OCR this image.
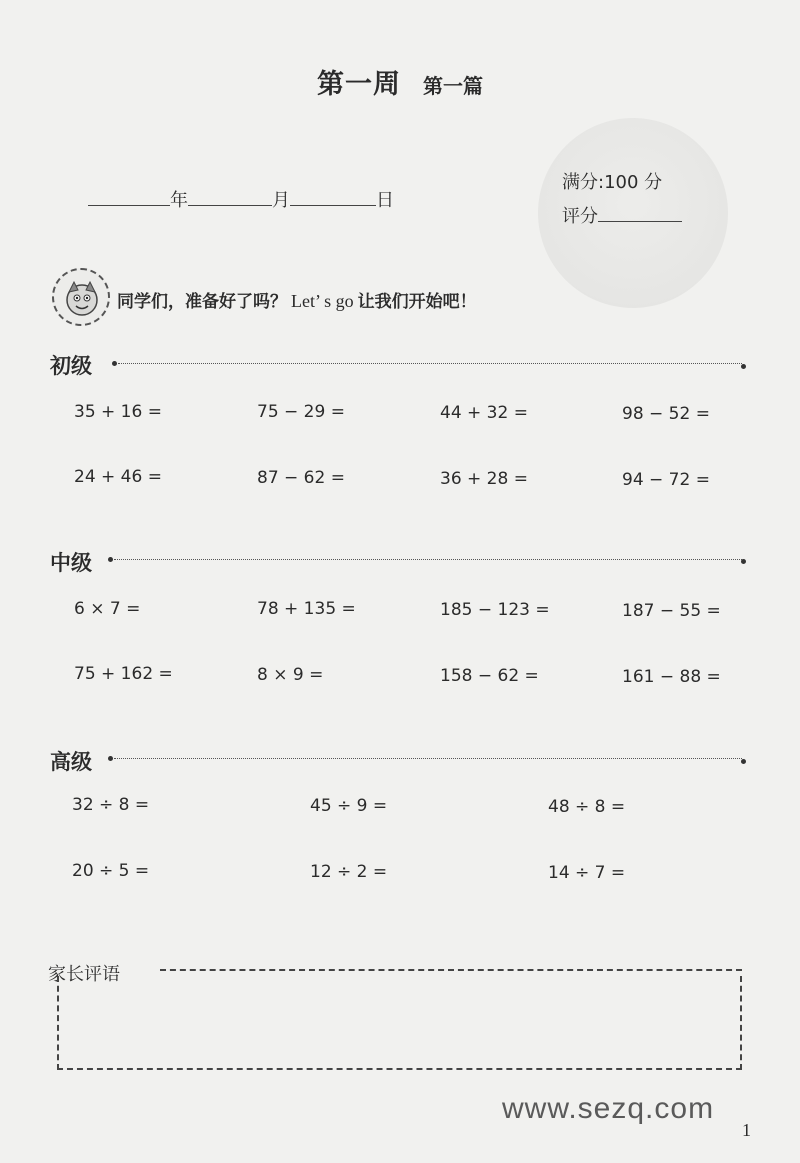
第一周 第一篇
年	月	日
满分:100 分
评分
同学们，准备好了吗？ Let’ s go 让我们开始吧！
初级
35 + 16 =	75 − 29 =	44 + 32 =	98 − 52 =
24 + 46 =	87 − 62 =	36 + 28 =	94 − 72 =
中级
6 × 7 =	78 + 135 =	185 − 123 =	187 − 55 =
75 + 162 =	8 × 9 =	158 − 62 =	161 − 88 =
高级
32 ÷ 8 =	45 ÷ 9 =	48 ÷ 8 =
20 ÷ 5 =	12 ÷ 2 =	14 ÷ 7 =
家长评语
www.sezq.com
1
